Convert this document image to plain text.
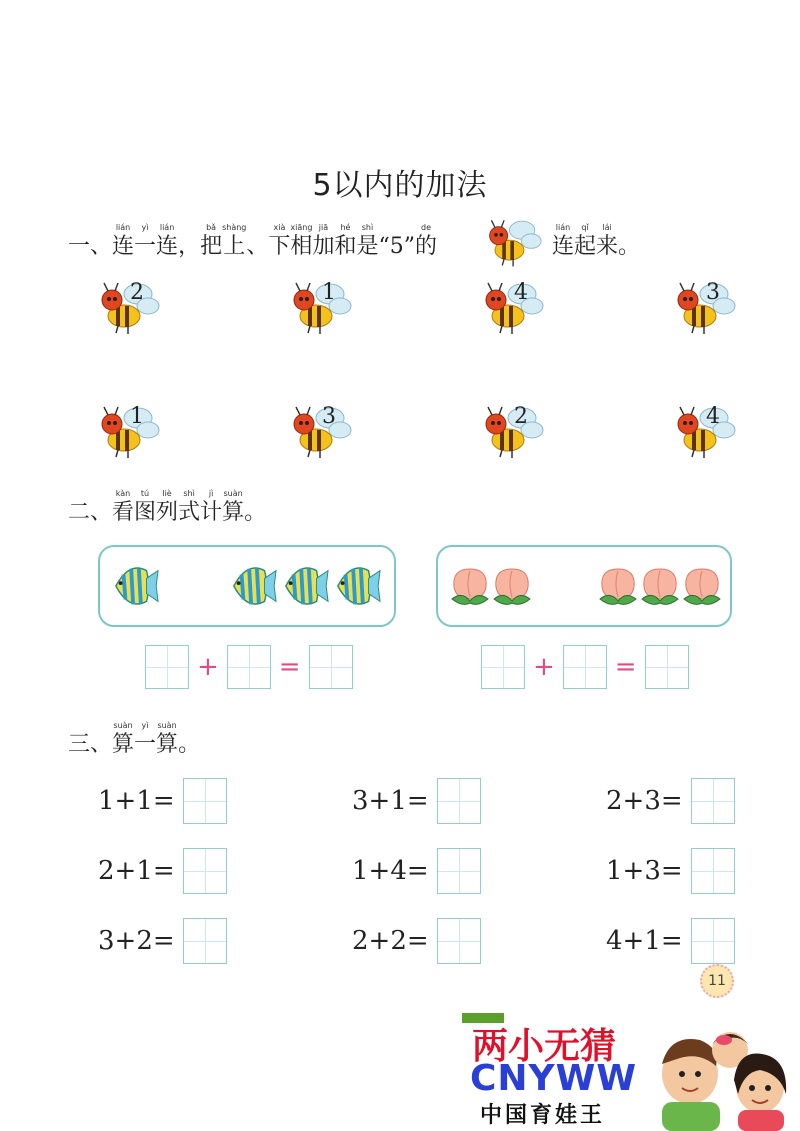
5以内的加法
一、
lián
连
yì
一
lián
连 ，
bǎ
把
shàng
上 、
xià
下
xiāng
相
jiā
加
hé
和
shì
是 “5”
de
的
lián
连
qǐ
起
lái
来 。
2	1	4	3
1	3	2	4
二、
kàn
看
tú
图
liè
列
shì
式
jì
计
suàn
算 。
+ =	+ =
三、
suàn
算
yì
一
suàn
算 。
1+1=	3+1=	2+3=
2+1=	1+4=	1+3=
3+2=	2+2=	4+1=
11
两小无猜
CNYWW
中国育娃王
